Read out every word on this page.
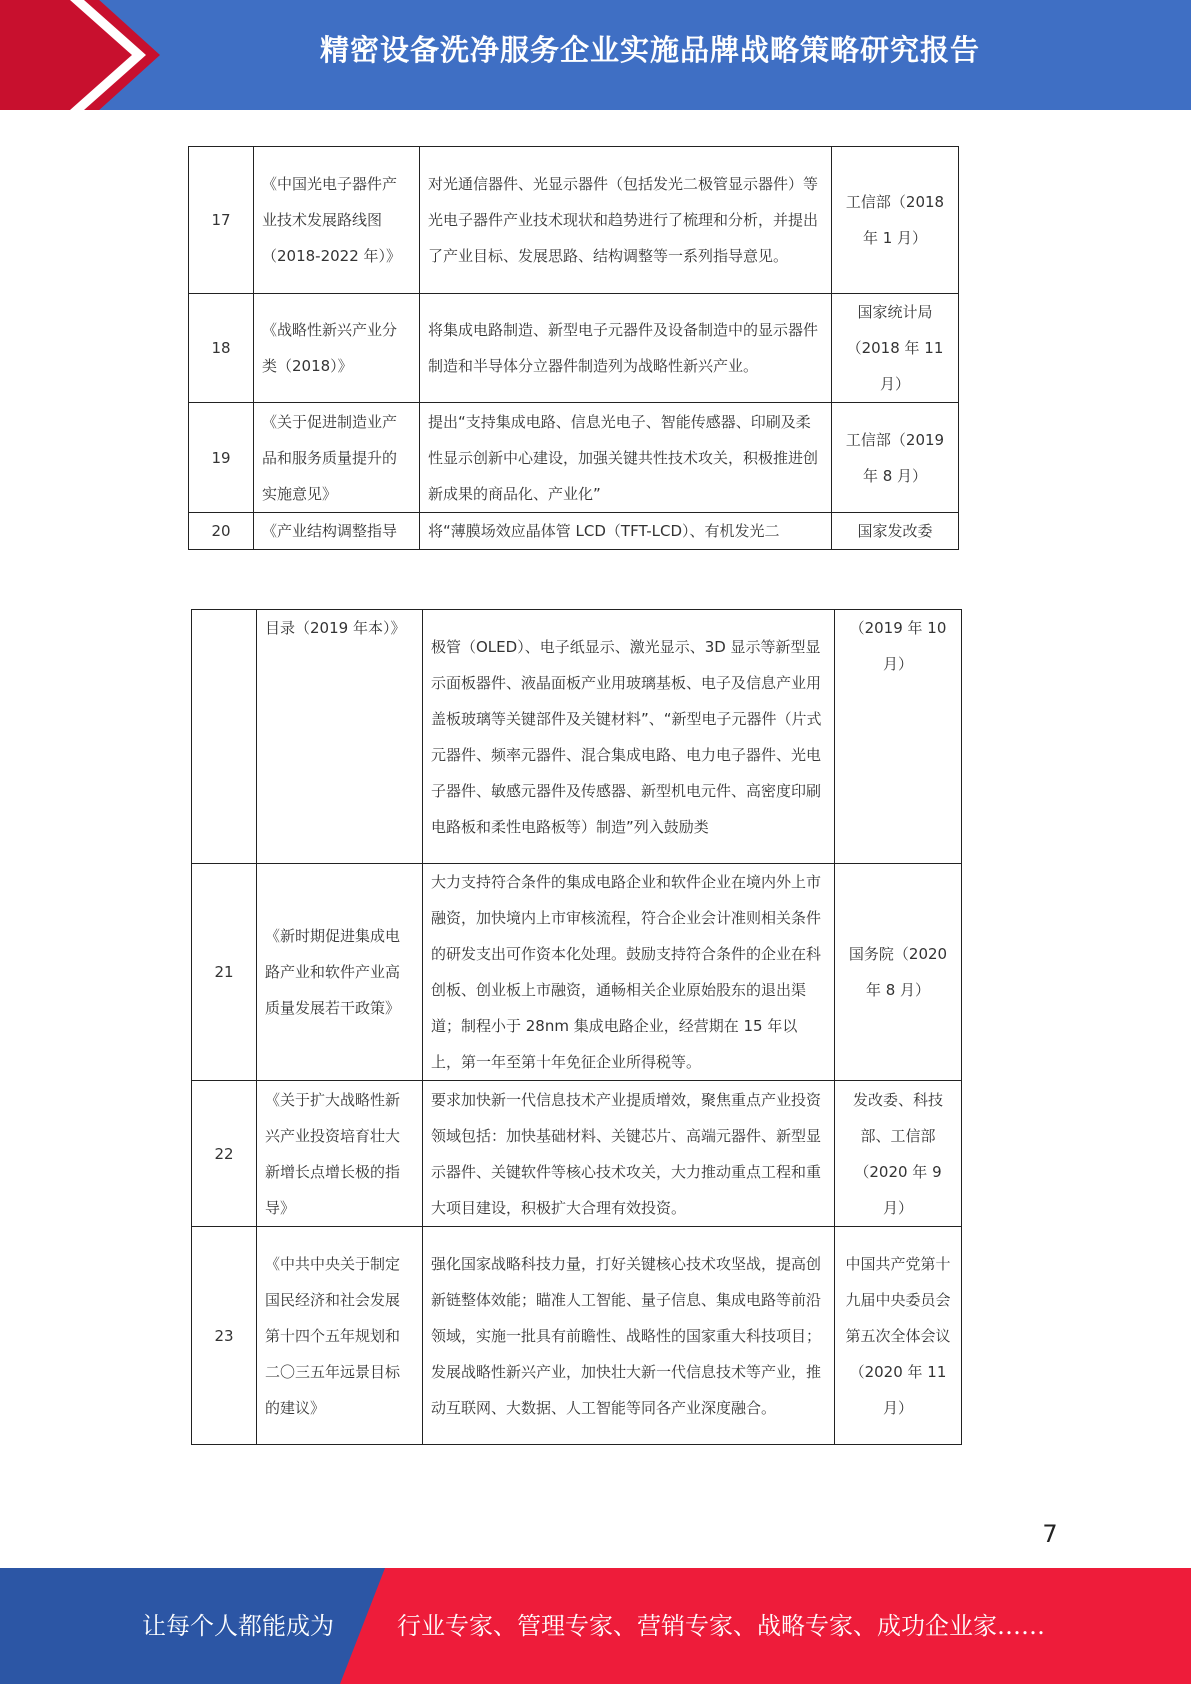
精密设备洗净服务企业实施品牌战略策略研究报告
17	《中国光电子器件产业技术发展路线图（2018-2022 年）》	对光通信器件、光显示器件（包括发光二极管显示器件）等光电子器件产业技术现状和趋势进行了梳理和分析，并提出了产业目标、发展思路、结构调整等一系列指导意见。	工信部（2018 年 1 月）
18	《战略性新兴产业分类（2018）》	将集成电路制造、新型电子元器件及设备制造中的显示器件制造和半导体分立器件制造列为战略性新兴产业。	国家统计局（2018 年 11 月）
19	《关于促进制造业产品和服务质量提升的实施意见》	提出“支持集成电路、信息光电子、智能传感器、印刷及柔性显示创新中心建设，加强关键共性技术攻关，积极推进创新成果的商品化、产业化”	工信部（2019 年 8 月）
20	《产业结构调整指导	将“薄膜场效应晶体管 LCD（TFT-LCD）、有机发光二	国家发改委
	目录（2019 年本）》	极管（OLED）、电子纸显示、激光显示、3D 显示等新型显示面板器件、液晶面板产业用玻璃基板、电子及信息产业用盖板玻璃等关键部件及关键材料”、“新型电子元器件（片式元器件、频率元器件、混合集成电路、电力电子器件、光电子器件、敏感元器件及传感器、新型机电元件、高密度印刷电路板和柔性电路板等）制造”列入鼓励类	（2019 年 10 月）
21	《新时期促进集成电路产业和软件产业高质量发展若干政策》	大力支持符合条件的集成电路企业和软件企业在境内外上市融资，加快境内上市审核流程，符合企业会计准则相关条件的研发支出可作资本化处理。鼓励支持符合条件的企业在科创板、创业板上市融资，通畅相关企业原始股东的退出渠道；制程小于 28nm 集成电路企业，经营期在 15 年以上，第一年至第十年免征企业所得税等。	国务院（2020 年 8 月）
22	《关于扩大战略性新兴产业投资培育壮大新增长点增长极的指导》	要求加快新一代信息技术产业提质增效，聚焦重点产业投资领域包括：加快基础材料、关键芯片、高端元器件、新型显示器件、关键软件等核心技术攻关，大力推动重点工程和重大项目建设，积极扩大合理有效投资。	发改委、科技部、工信部（2020 年 9 月）
23	《中共中央关于制定国民经济和社会发展第十四个五年规划和二〇三五年远景目标的建议》	强化国家战略科技力量，打好关键核心技术攻坚战，提高创新链整体效能；瞄准人工智能、量子信息、集成电路等前沿领域，实施一批具有前瞻性、战略性的国家重大科技项目；发展战略性新兴产业，加快壮大新一代信息技术等产业，推动互联网、大数据、人工智能等同各产业深度融合。	中国共产党第十九届中央委员会第五次全体会议（2020 年 11 月）
7
让每个人都能成为	行业专家、管理专家、营销专家、战略专家、成功企业家……
